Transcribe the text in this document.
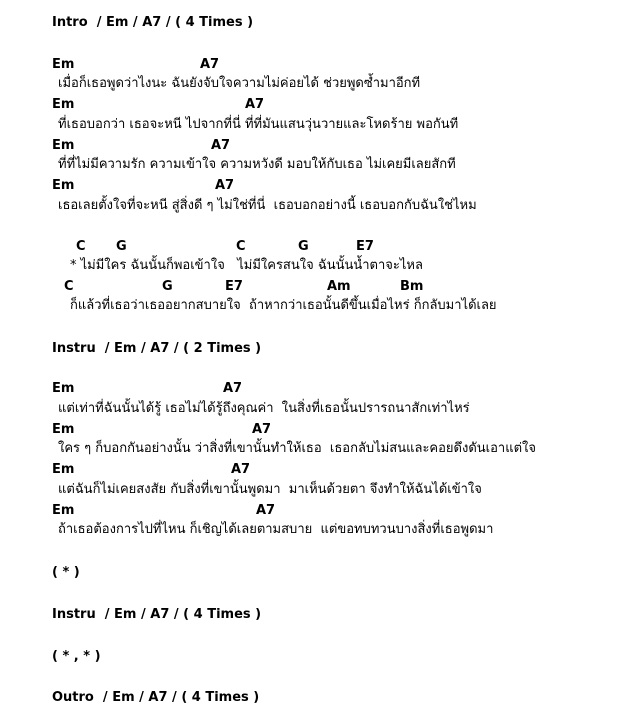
Intro  / Em / A7 / ( 4 Times )
Em	A7
เมื่อก็เธอพูดว่าไงนะ ฉันยังจับใจความไม่ค่อยได้ ช่วยพูดซ้ำมาอีกที
Em	A7
ที่เธอบอกว่า เธอจะหนี ไปจากที่นี่ ที่ที่มันแสนวุ่นวายและโหดร้าย พอกันที
Em	A7
ที่ที่ไม่มีความรัก ความเข้าใจ ความหวังดี มอบให้กับเธอ ไม่เคยมีเลยสักที
Em	A7
เธอเลยตั้งใจที่จะหนี สู่สิ่งดี ๆ ไม่ใช่ที่นี่  เธอบอกอย่างนี้ เธอบอกกับฉันใช่ไหม
C G	C	G	E7
* ไม่มีใคร ฉันนั้นก็พอเข้าใจ   ไม่มีใครสนใจ ฉันนั้นน้ำตาจะไหล
C	G	E7	Am	Bm
ก็แล้วที่เธอว่าเธออยากสบายใจ  ถ้าหากว่าเธอนั้นดีขึ้นเมื่อไหร่ ก็กลับมาได้เลย
Instru  / Em / A7 / ( 2 Times )
Em	A7
แต่เท่าที่ฉันนั้นได้รู้ เธอไม่ได้รู้ถึงคุณค่า  ในสิ่งที่เธอนั้นปรารถนาสักเท่าไหร่
Em	A7
ใคร ๆ ก็บอกกันอย่างนั้น ว่าสิ่งที่เขานั้นทำให้เธอ  เธอกลับไม่สนและคอยดึงดันเอาแต่ใจ
Em	A7
แต่ฉันก็ไม่เคยสงสัย กับสิ่งที่เขานั้นพูดมา  มาเห็นด้วยตา จึงทำให้ฉันได้เข้าใจ
Em	A7
ถ้าเธอต้องการไปที่ไหน ก็เชิญได้เลยตามสบาย  แต่ขอทบทวนบางสิ่งที่เธอพูดมา
( * )
Instru  / Em / A7 / ( 4 Times )
( * , * )
Outro  / Em / A7 / ( 4 Times )
